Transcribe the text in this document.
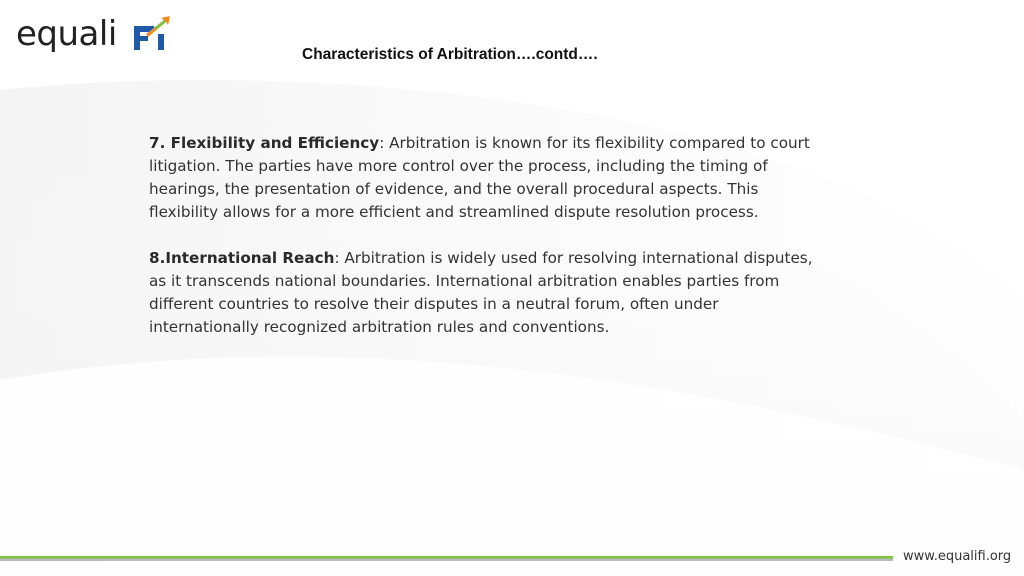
equali
Characteristics of Arbitration….contd….

7. Flexibility and Efficiency: Arbitration is known for its flexibility compared to court litigation. The parties have more control over the process, including the timing of hearings, the presentation of evidence, and the overall procedural aspects. This flexibility allows for a more efficient and streamlined dispute resolution process.

8.International Reach: Arbitration is widely used for resolving international disputes, as it transcends national boundaries. International arbitration enables parties from different countries to resolve their disputes in a neutral forum, often under internationally recognized arbitration rules and conventions.

www.equalifi.org
